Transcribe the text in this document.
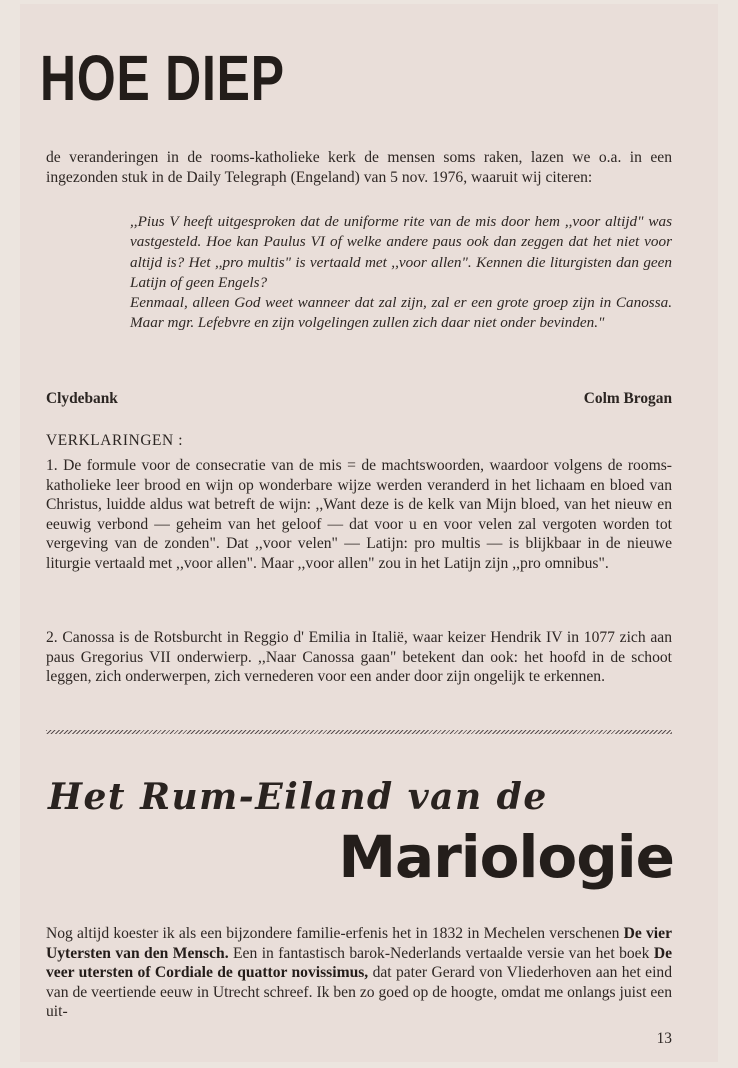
HOE DIEP
de veranderingen in de rooms-katholieke kerk de mensen soms raken, lazen we o.a. in een ingezonden stuk in de Daily Telegraph (Engeland) van 5 nov. 1976, waaruit wij citeren:

,,Pius V heeft uitgesproken dat de uniforme rite van de mis door hem ,,voor altijd" was vastgesteld. Hoe kan Paulus VI of welke andere paus ook dan zeggen dat het niet voor altijd is? Het ,,pro multis" is vertaald met ,,voor allen". Kennen die liturgisten dan geen Latijn of geen Engels?

Eenmaal, alleen God weet wanneer dat zal zijn, zal er een grote groep zijn in Canossa. Maar mgr. Lefebvre en zijn volgelingen zullen zich daar niet onder bevinden."

Clydebank	Colm Brogan
VERKLARINGEN :
1. De formule voor de consecratie van de mis = de machtswoorden, waardoor volgens de rooms-katholieke leer brood en wijn op wonderbare wijze werden veranderd in het lichaam en bloed van Christus, luidde aldus wat betreft de wijn: ,,Want deze is de kelk van Mijn bloed, van het nieuw en eeuwig verbond — geheim van het geloof — dat voor u en voor velen zal vergoten worden tot vergeving van de zonden". Dat ,,voor velen" — Latijn: pro multis — is blijkbaar in de nieuwe liturgie vertaald met ,,voor allen". Maar ,,voor allen" zou in het Latijn zijn ,,pro omnibus".
2. Canossa is de Rotsburcht in Reggio d' Emilia in Italië, waar keizer Hendrik IV in 1077 zich aan paus Gregorius VII onderwierp. ,,Naar Canossa gaan" betekent dan ook: het hoofd in de schoot leggen, zich onderwerpen, zich vernederen voor een ander door zijn ongelijk te erkennen.
Het Rum-Eiland van de
Mariologie
Nog altijd koester ik als een bijzondere familie-erfenis het in 1832 in Mechelen verschenen De vier Uytersten van den Mensch. Een in fantastisch barok-Nederlands vertaalde versie van het boek De veer utersten of Cordiale de quattor novissimus, dat pater Gerard von Vliederhoven aan het eind van de veertiende eeuw in Utrecht schreef. Ik ben zo goed op de hoogte, omdat me onlangs juist een uit-
13
